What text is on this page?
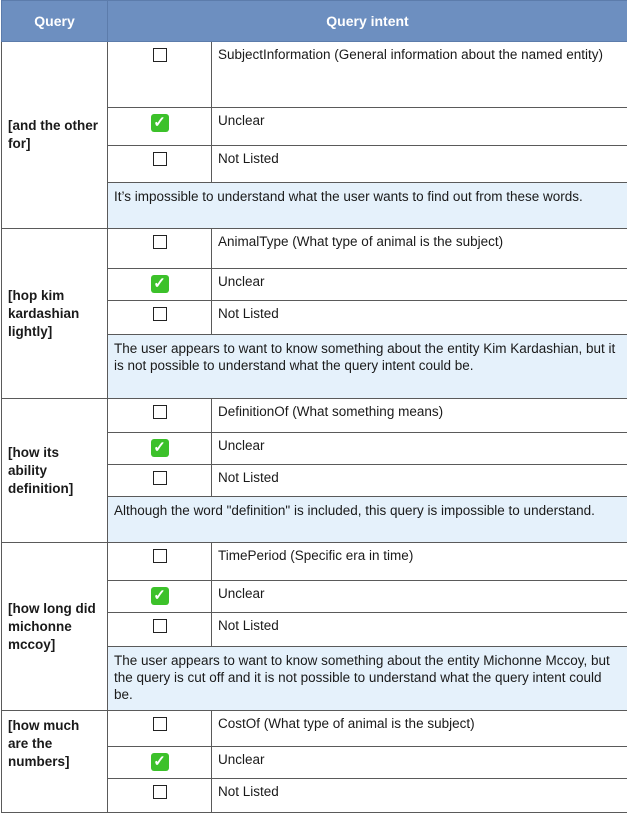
Query	Query intent	
[and the other for]		SubjectInformation (General information about the named entity)
	✓	Unclear
		Not Listed
	It’s impossible to understand what the user wants to find out from these words.	
[hop kim kardashian lightly]		AnimalType (What type of animal is the subject)
	✓	Unclear
		Not Listed
	The user appears to want to know something about the entity Kim Kardashian, but it is not possible to understand what the query intent could be.	
[how its ability definition]		DefinitionOf (What something means)
	✓	Unclear
		Not Listed
	Although the word "definition" is included, this query is impossible to understand.	
[how long did michonne mccoy]		TimePeriod (Specific era in time)
	✓	Unclear
		Not Listed
	The user appears to want to know something about the entity Michonne Mccoy, but the query is cut off and it is not possible to understand what the query intent could be.	
[how much are the numbers]		CostOf (What type of animal is the subject)
	✓	Unclear
		Not Listed
